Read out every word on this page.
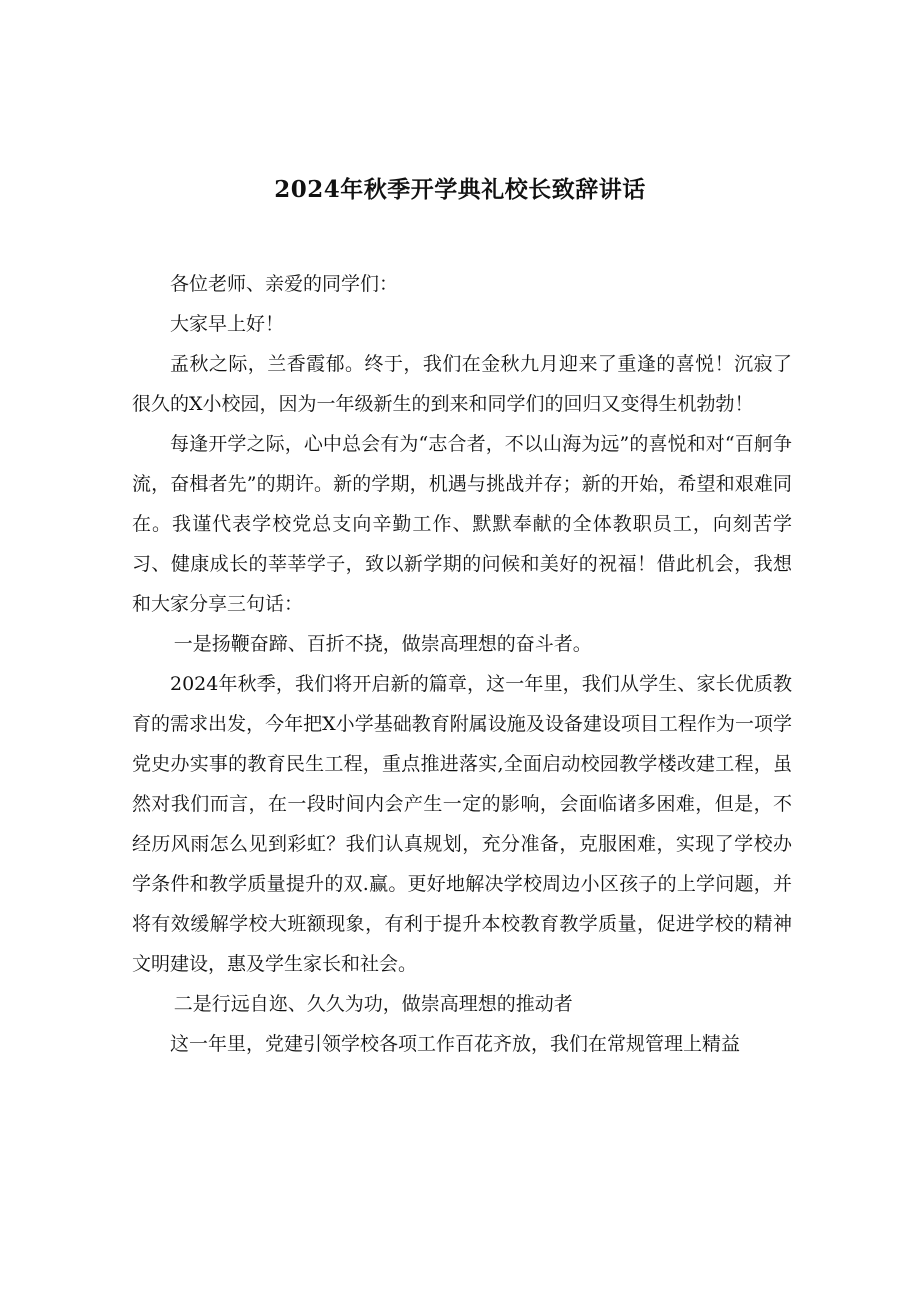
2024年秋季开学典礼校长致辞讲话

各位老师、亲爱的同学们：

大家早上好！

孟秋之际，兰香霞郁。终于，我们在金秋九月迎来了重逢的喜悦！沉寂了很久的X小校园，因为一年级新生的到来和同学们的回归又变得生机勃勃！

每逢开学之际，心中总会有为“志合者，不以山海为远”的喜悦和对“百舸争流，奋楫者先”的期许。新的学期，机遇与挑战并存；新的开始，希望和艰难同在。我谨代表学校党总支向辛勤工作、默默奉献的全体教职员工，向刻苦学习、健康成长的莘莘学子，致以新学期的问候和美好的祝福！借此机会，我想和大家分享三句话：

一是扬鞭奋蹄、百折不挠，做崇高理想的奋斗者。

2024年秋季，我们将开启新的篇章，这一年里，我们从学生、家长优质教育的需求出发，今年把X小学基础教育附属设施及设备建设项目工程作为一项学党史办实事的教育民生工程，重点推进落实,全面启动校园教学楼改建工程，虽然对我们而言，在一段时间内会产生一定的影响，会面临诸多困难，但是，不经历风雨怎么见到彩虹？我们认真规划，充分准备，克服困难，实现了学校办学条件和教学质量提升的双.赢。更好地解决学校周边小区孩子的上学问题，并将有效缓解学校大班额现象，有利于提升本校教育教学质量，促进学校的精神文明建设，惠及学生家长和社会。

二是行远自迩、久久为功，做崇高理想的推动者

这一年里，党建引领学校各项工作百花齐放，我们在常规管理上精益
